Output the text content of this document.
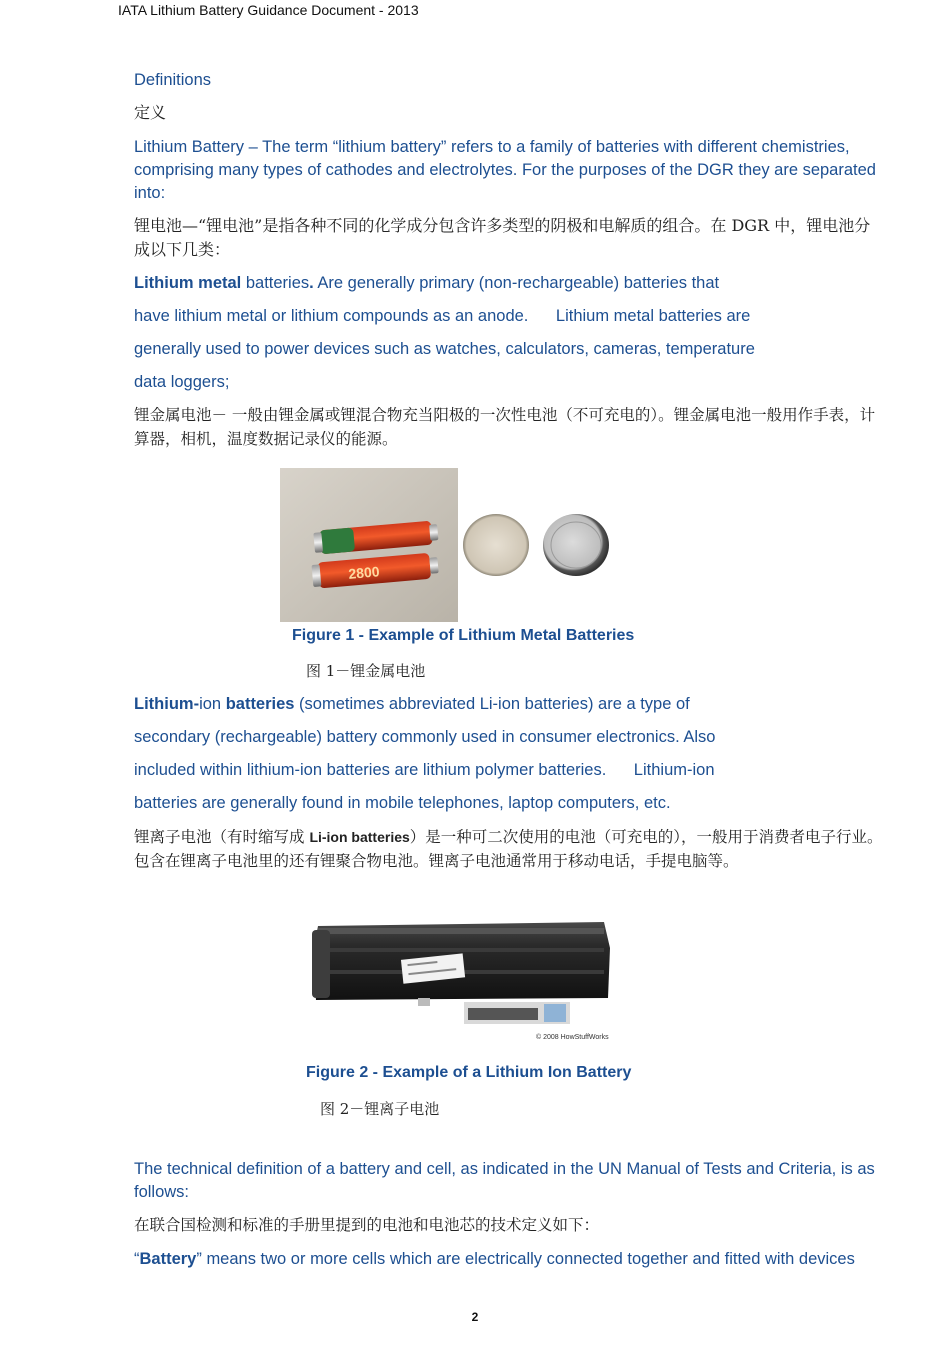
IATA Lithium Battery Guidance Document - 2013
Definitions
定义
Lithium Battery – The term “lithium battery” refers to a family of batteries with different chemistries, comprising many types of cathodes and electrolytes. For the purposes of the DGR they are separated into:
锂电池—“锂电池”是指各种不同的化学成分包含许多类型的阴极和电解质的组合。在 DGR 中，锂电池分成以下几类：
Lithium metal batteries. Are generally primary (non-rechargeable) batteries that
have lithium metal or lithium compounds as an anode.      Lithium metal batteries are
generally used to power devices such as watches, calculators, cameras, temperature
data loggers;
锂金属电池－ 一般由锂金属或锂混合物充当阳极的一次性电池（不可充电的）。锂金属电池一般用作手表，计算器，相机，温度数据记录仪的能源。
2800
Figure 1 - Example of Lithium Metal Batteries
图 1－锂金属电池
Lithium-ion batteries (sometimes abbreviated Li-ion batteries) are a type of
secondary (rechargeable) battery commonly used in consumer electronics. Also
included within lithium-ion batteries are lithium polymer batteries.      Lithium-ion
batteries are generally found in mobile telephones, laptop computers, etc.
锂离子电池（有时缩写成 Li-ion batteries）是一种可二次使用的电池（可充电的），一般用于消费者电子行业。包含在锂离子电池里的还有锂聚合物电池。锂离子电池通常用于移动电话，手提电脑等。
© 2008 HowStuffWorks
Figure 2 - Example of a Lithium Ion Battery
图 2－锂离子电池
The technical definition of a battery and cell, as indicated in the UN Manual of Tests and Criteria, is as follows:
在联合国检测和标准的手册里提到的电池和电池芯的技术定义如下：
“Battery” means two or more cells which are electrically connected together and fitted with devices
2
